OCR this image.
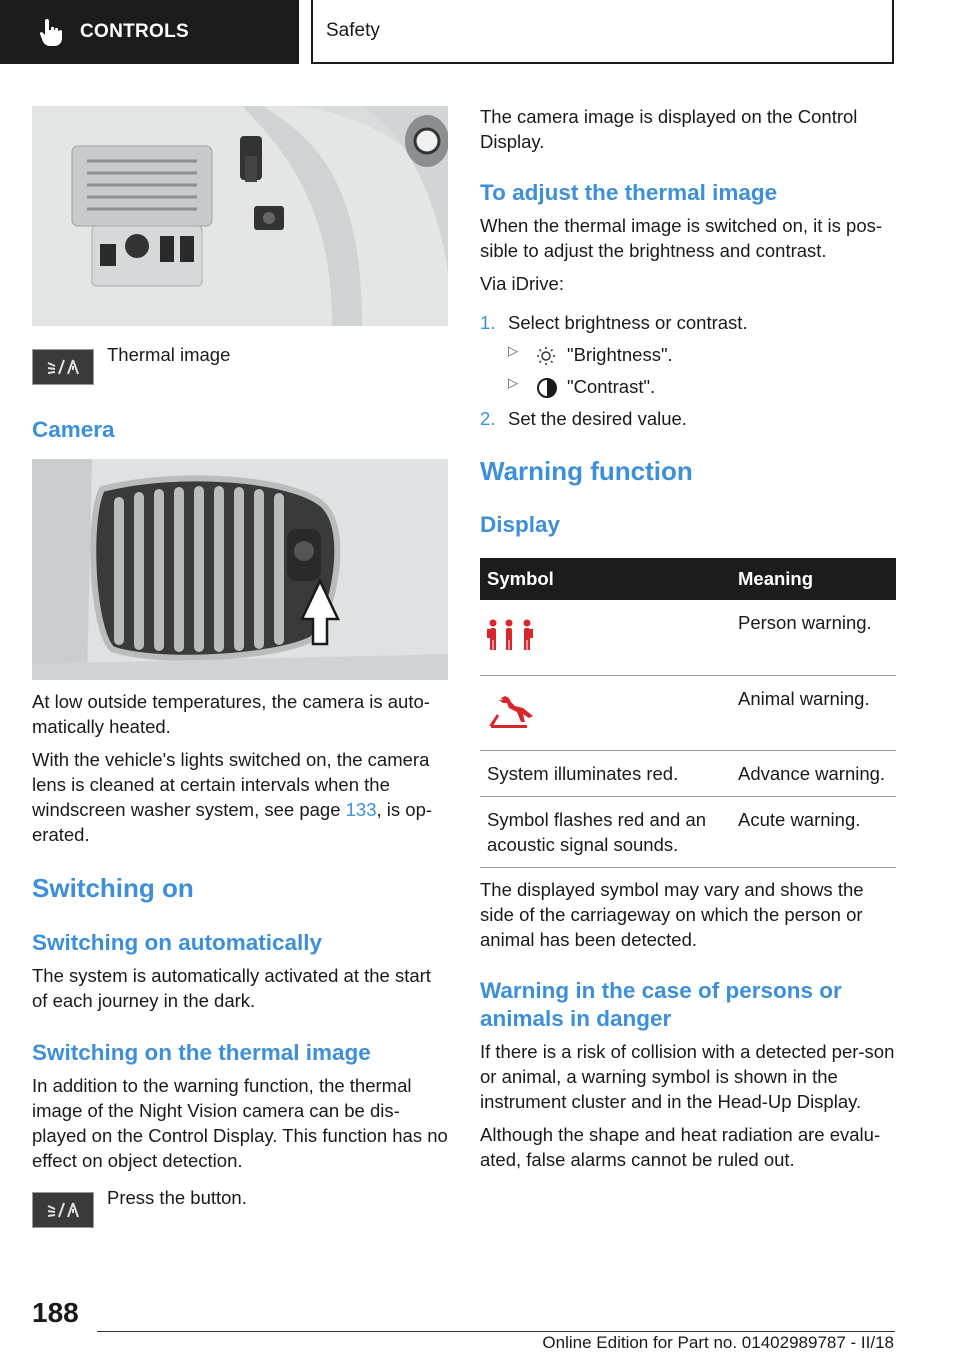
CONTROLS	Safety

Thermal image

Camera

At low outside temperatures, the camera is auto-matically heated.

With the vehicle's lights switched on, the camera lens is cleaned at certain intervals when the windscreen washer system, see page 133, is op-erated.

Switching on
Switching on automatically

The system is automatically activated at the start of each journey in the dark.

Switching on the thermal image

In addition to the warning function, the thermal image of the Night Vision camera can be dis-played on the Control Display. This function has no effect on object detection.

Press the button.

The camera image is displayed on the Control Display.

To adjust the thermal image

When the thermal image is switched on, it is pos-sible to adjust the brightness and contrast.

Via iDrive:

1. Select brightness or contrast.
▷	"Brightness".
▷	"Contrast".
2. Set the desired value.
Warning function
Display
Symbol	Meaning
	Person warning.
	Animal warning.
System illuminates red.	Advance warning.
Symbol flashes red and an acoustic signal sounds.	Acute warning.

The displayed symbol may vary and shows the side of the carriageway on which the person or animal has been detected.

Warning in the case of persons or animals in danger

If there is a risk of collision with a detected per-son or animal, a warning symbol is shown in the instrument cluster and in the Head-Up Display.

Although the shape and heat radiation are evalu-ated, false alarms cannot be ruled out.

188
Online Edition for Part no. 01402989787 - II/18
